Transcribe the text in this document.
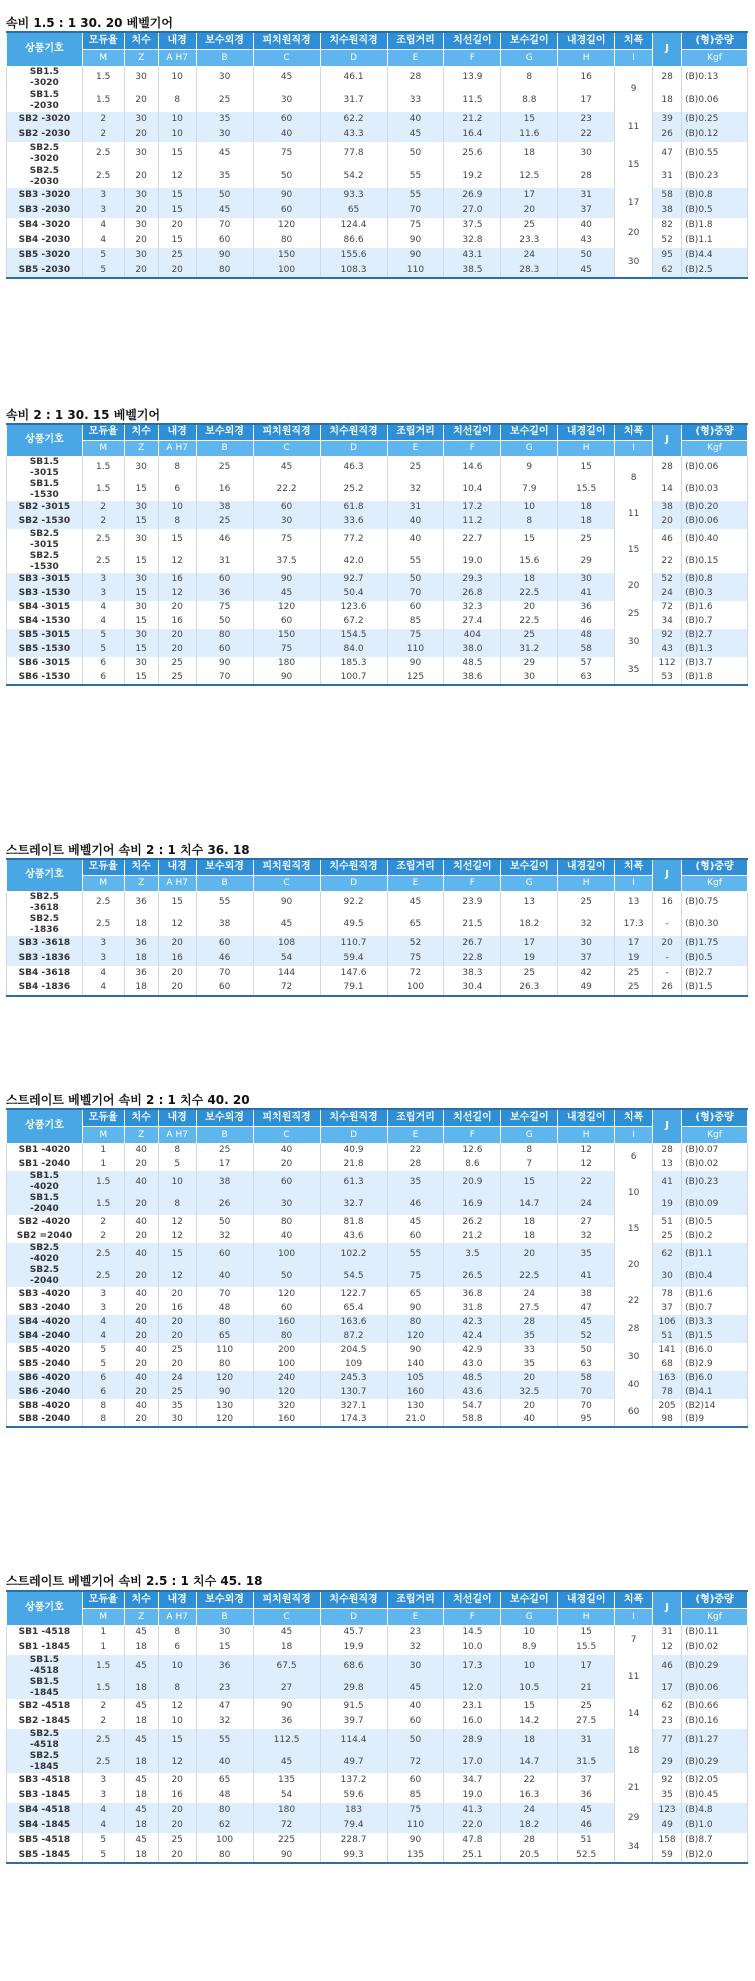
속비 1.5 : 1 30. 20 베벨기어
상품기호	모듀율	치수	내경	보수외경	피치원직경	치수원직경	조립거리	치선길이	보수길이	내경길이	치폭	J	(형)중량
	M	Z	A H7	B	C	D	E	F	G	H	I		Kgf
SB1.5
-3020	1.5	30	10	30	45	46.1	28	13.9	8	16	9	28	(B)0.13
SB1.5
-2030	1.5	20	8	25	30	31.7	33	11.5	8.8	17		18	(B)0.06
SB2 -3020	2	30	10	35	60	62.2	40	21.2	15	23	11	39	(B)0.25
SB2 -2030	2	20	10	30	40	43.3	45	16.4	11.6	22		26	(B)0.12
SB2.5
-3020	2.5	30	15	45	75	77.8	50	25.6	18	30	15	47	(B)0.55
SB2.5
-2030	2.5	20	12	35	50	54.2	55	19.2	12.5	28		31	(B)0.23
SB3 -3020	3	30	15	50	90	93.3	55	26.9	17	31	17	58	(B)0.8
SB3 -2030	3	20	15	45	60	65	70	27.0	20	37		38	(B)0.5
SB4 -3020	4	30	20	70	120	124.4	75	37.5	25	40	20	82	(B)1.8
SB4 -2030	4	20	15	60	80	86.6	90	32.8	23.3	43		52	(B)1.1
SB5 -3020	5	30	25	90	150	155.6	90	43.1	24	50	30	95	(B)4.4
SB5 -2030	5	20	20	80	100	108.3	110	38.5	28.3	45		62	(B)2.5
속비 2 : 1 30. 15 베벨기어
상품기호	모듀율	치수	내경	보수외경	피치원직경	치수원직경	조립거리	치선길이	보수길이	내경길이	치폭	J	(형)중량
	M	Z	A H7	B	C	D	E	F	G	H	I		Kgf
SB1.5
-3015	1.5	30	8	25	45	46.3	25	14.6	9	15	8	28	(B)0.06
SB1.5
-1530	1.5	15	6	16	22.2	25.2	32	10.4	7.9	15.5		14	(B)0.03
SB2 -3015	2	30	10	38	60	61.8	31	17.2	10	18	11	38	(B)0.20
SB2 -1530	2	15	8	25	30	33.6	40	11.2	8	18		20	(B)0.06
SB2.5
-3015	2.5	30	15	46	75	77.2	40	22.7	15	25	15	46	(B)0.40
SB2.5
-1530	2.5	15	12	31	37.5	42.0	55	19.0	15.6	29		22	(B)0.15
SB3 -3015	3	30	16	60	90	92.7	50	29.3	18	30	20	52	(B)0.8
SB3 -1530	3	15	12	36	45	50.4	70	26.8	22.5	41		24	(B)0.3
SB4 -3015	4	30	20	75	120	123.6	60	32.3	20	36	25	72	(B)1.6
SB4 -1530	4	15	16	50	60	67.2	85	27.4	22.5	46		34	(B)0.7
SB5 -3015	5	30	20	80	150	154.5	75	404	25	48	30	92	(B)2.7
SB5 -1530	5	15	20	60	75	84.0	110	38.0	31.2	58		43	(B)1.3
SB6 -3015	6	30	25	90	180	185.3	90	48.5	29	57	35	112	(B)3.7
SB6 -1530	6	15	25	70	90	100.7	125	38.6	30	63		53	(B)1.8
스트레이트 베벨기어 속비 2 : 1 치수 36. 18
상품기호	모듀율	치수	내경	보수외경	피치원직경	치수원직경	조립거리	치선길이	보수길이	내경길이	치폭	J	(형)중량
	M	Z	A H7	B	C	D	E	F	G	H	I		Kgf
SB2.5
-3618	2.5	36	15	55	90	92.2	45	23.9	13	25	13	16	(B)0.75
SB2.5
-1836	2.5	18	12	38	45	49.5	65	21.5	18.2	32	17.3	-	(B)0.30
SB3 -3618	3	36	20	60	108	110.7	52	26.7	17	30	17	20	(B)1.75
SB3 -1836	3	18	16	46	54	59.4	75	22.8	19	37	19	-	(B)0.5
SB4 -3618	4	36	20	70	144	147.6	72	38.3	25	42	25	-	(B)2.7
SB4 -1836	4	18	20	60	72	79.1	100	30.4	26.3	49	25	26	(B)1.5
스트레이트 베벨기어 속비 2 : 1 치수 40. 20
상품기호	모듀율	치수	내경	보수외경	피치원직경	치수원직경	조립거리	치선길이	보수길이	내경길이	치폭	J	(형)중량
	M	Z	A H7	B	C	D	E	F	G	H	I		Kgf
SB1 -4020	1	40	8	25	40	40.9	22	12.6	8	12	6	28	(B)0.07
SB1 -2040	1	20	5	17	20	21.8	28	8.6	7	12		13	(B)0.02
SB1.5
-4020	1.5	40	10	38	60	61.3	35	20.9	15	22	10	41	(B)0.23
SB1.5
-2040	1.5	20	8	26	30	32.7	46	16.9	14.7	24		19	(B)0.09
SB2 -4020	2	40	12	50	80	81.8	45	26.2	18	27	15	51	(B)0.5
SB2 =2040	2	20	12	32	40	43.6	60	21.2	18	32		25	(B)0.2
SB2.5
-4020	2.5	40	15	60	100	102.2	55	3.5	20	35	20	62	(B)1.1
SB2.5
-2040	2.5	20	12	40	50	54.5	75	26.5	22.5	41		30	(B)0.4
SB3 -4020	3	40	20	70	120	122.7	65	36.8	24	38	22	78	(B)1.6
SB3 -2040	3	20	16	48	60	65.4	90	31.8	27.5	47		37	(B)0.7
SB4 -4020	4	40	20	80	160	163.6	80	42.3	28	45	28	106	(B)3.3
SB4 -2040	4	20	20	65	80	87.2	120	42.4	35	52		51	(B)1.5
SB5 -4020	5	40	25	110	200	204.5	90	42.9	33	50	30	141	(B)6.0
SB5 -2040	5	20	20	80	100	109	140	43.0	35	63		68	(B)2.9
SB6 -4020	6	40	24	120	240	245.3	105	48.5	20	58	40	163	(B)6.0
SB6 -2040	6	20	25	90	120	130.7	160	43.6	32.5	70		78	(B)4.1
SB8 -4020	8	40	35	130	320	327.1	130	54.7	20	70	60	205	(B2)14
SB8 -2040	8	20	30	120	160	174.3	21.0	58.8	40	95		98	(B)9
스트레이트 베벨기어 속비 2.5 : 1 치수 45. 18
상품기호	모듀율	치수	내경	보수외경	피치원직경	치수원직경	조립거리	치선길이	보수길이	내경길이	치폭	J	(형)중량
	M	Z	A H7	B	C	D	E	F	G	H	I		Kgf
SB1 -4518	1	45	8	30	45	45.7	23	14.5	10	15	7	31	(B)0.11
SB1 -1845	1	18	6	15	18	19.9	32	10.0	8.9	15.5		12	(B)0.02
SB1.5
-4518	1.5	45	10	36	67.5	68.6	30	17.3	10	17	11	46	(B)0.29
SB1.5
-1845	1.5	18	8	23	27	29.8	45	12.0	10.5	21		17	(B)0.06
SB2 -4518	2	45	12	47	90	91.5	40	23.1	15	25	14	62	(B)0.66
SB2 -1845	2	18	10	32	36	39.7	60	16.0	14.2	27.5		23	(B)0.16
SB2.5
-4518	2.5	45	15	55	112.5	114.4	50	28.9	18	31	18	77	(B)1.27
SB2.5
-1845	2.5	18	12	40	45	49.7	72	17.0	14.7	31.5		29	(B)0.29
SB3 -4518	3	45	20	65	135	137.2	60	34.7	22	37	21	92	(B)2.05
SB3 -1845	3	18	16	48	54	59.6	85	19.0	16.3	36		35	(B)0.45
SB4 -4518	4	45	20	80	180	183	75	41.3	24	45	29	123	(B)4.8
SB4 -1845	4	18	20	62	72	79.4	110	22.0	18.2	46		49	(B)1.0
SB5 -4518	5	45	25	100	225	228.7	90	47.8	28	51	34	158	(B)8.7
SB5 -1845	5	18	20	80	90	99.3	135	25.1	20.5	52.5		59	(B)2.0
